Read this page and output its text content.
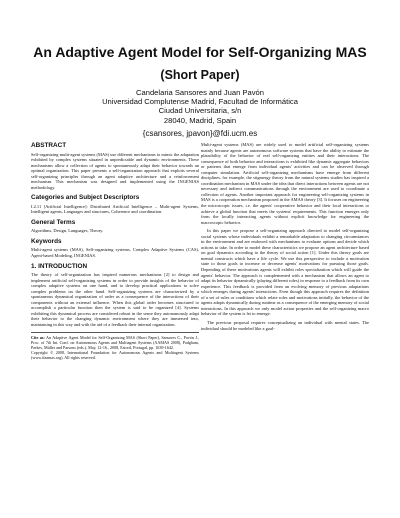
An Adaptive Agent Model for Self-Organizing MAS
(Short Paper)
Candelaria Sansores and Juan Pavón
Universidad Complutense Madrid, Facultad de Informática
Ciudad Universitaria, s/n
28040, Madrid, Spain
{csansores, jpavon}@fdi.ucm.es
ABSTRACT

Self-organizing multi-agent systems (MAS) use different mechanisms to mimic the adaptation exhibited by complex systems situated in unpredictable and dynamic environments. These mechanisms allow a collection of agents to spontaneously adapt their behavior towards an optimal organization. This paper presents a self-organization approach that exploits several self-organizing principles through an agent adaptive architecture and a reinforcement mechanism. This mechanism was designed and implemented using the INGENIAS methodology.

Categories and Subject Descriptors

I.2.11 [Artificial Intelligence]: Distributed Artificial Intelligence – Multi-agent Systems, Intelligent agents, Languages and structures, Coherence and coordination.

General Terms

Algorithms, Design, Languages, Theory.

Keywords

Multi-agent systems (MAS), Self-organizing systems, Complex Adaptive Systems (CAS), Agent-based Modeling, INGENIAS.

1. INTRODUCTION

The theory of self-organization has inspired numerous mechanisms [2] to design and implement artificial self-organizing systems in order to provide insights of the behavior of complex adaptive systems on one hand, and to develop practical applications to solve complex problems on the other hand. Self-organizing systems are characterized by a spontaneous dynamical organization of order as a consequence of the interactions of their components without an external influence. When this global order becomes structured to accomplish a particular function then the system is said to be organized [4]. Systems exhibiting this dynamical process are considered robust in the sense they autonomously adapt their behavior to the changing dynamic environment where they are immersed into, maintaining in this way and with the aid of a feedback their internal organization.

Cite as: An Adaptive Agent Model for Self-Organizing MAS (Short Paper), Sansores C., Pavón J., Proc. of 7th Int. Conf. on Autonomous Agents and Multiagent Systems (AAMAS 2008), Padgham, Parkes, Müller and Parsons (eds.), May, 12-16., 2008, Estoril, Portugal, pp. 1639-1642.
Copyright © 2008, International Foundation for Autonomous Agents and Multiagent Systems (www.ifaamas.org). All rights reserved.

Multi-agent systems (MAS) are widely used to model artificial self-organizing systems mainly because agents are autonomous software systems that have the ability to estimate the plausibility of the behavior of real self-organizing entities and their interactions. The consequence of both behavior and interactions is exhibited like dynamic aggregate behaviors or patterns that emerge from individual agents' activities and can be observed through computer simulation. Artificial self-organizing mechanisms have emerge from different disciplines, for example, the stigmergy theory from the natural systems studies has inspired a coordination mechanism in MAS under the idea that direct interactions between agents are not necessary and indirect communications through the environment are used to coordinate a collection of agents. Another important approach for engineering self-organizing systems in MAS is a cooperation mechanism proposed in the AMAS theory [3]. It focuses on engineering the microscopic issues, i.e. the agents' cooperative behavior and their local interactions to achieve a global function that meets the systems' requirements. This function emerges only from the locally interacting agents without explicit knowledge for engineering the macroscopic behavior.

In this paper we propose a self-organizing approach directed to model self-organizing social systems whose individuals exhibit a remarkable adaptation to changing circumstances in the environment and are endowed with mechanisms to evaluate options and decide which actions to take. In order to model these characteristics we propose an agent architecture based on goal dynamics according to the theory of social action [1]. Under this theory goals are mental constructs which have a life cycle. We use this perspective to include a motivation state to those goals to increase or decrease agents' motivations for pursuing those goals. Depending of these motivations agents will exhibit roles specialization which will guide the agents' behavior. The approach is complemented with a mechanism that allows an agent to adapt its behavior dynamically (playing different roles) in response to a feedback from its own experience. This feedback is provided from an evolving memory of previous adaptations which emerges during agents' interactions. Even though this approach requires the definition of a set of rules or conditions which relate roles and motivations initially, the behavior of the agents adapts dynamically during runtime as a consequence of the emerging memory of social interactions. In this approach we only model action properties and the self-organizing macro behavior of the system is let to emerge.

The previous proposal requires conceptualizing an individual with mental states. The individual should be modeled like a goal-
